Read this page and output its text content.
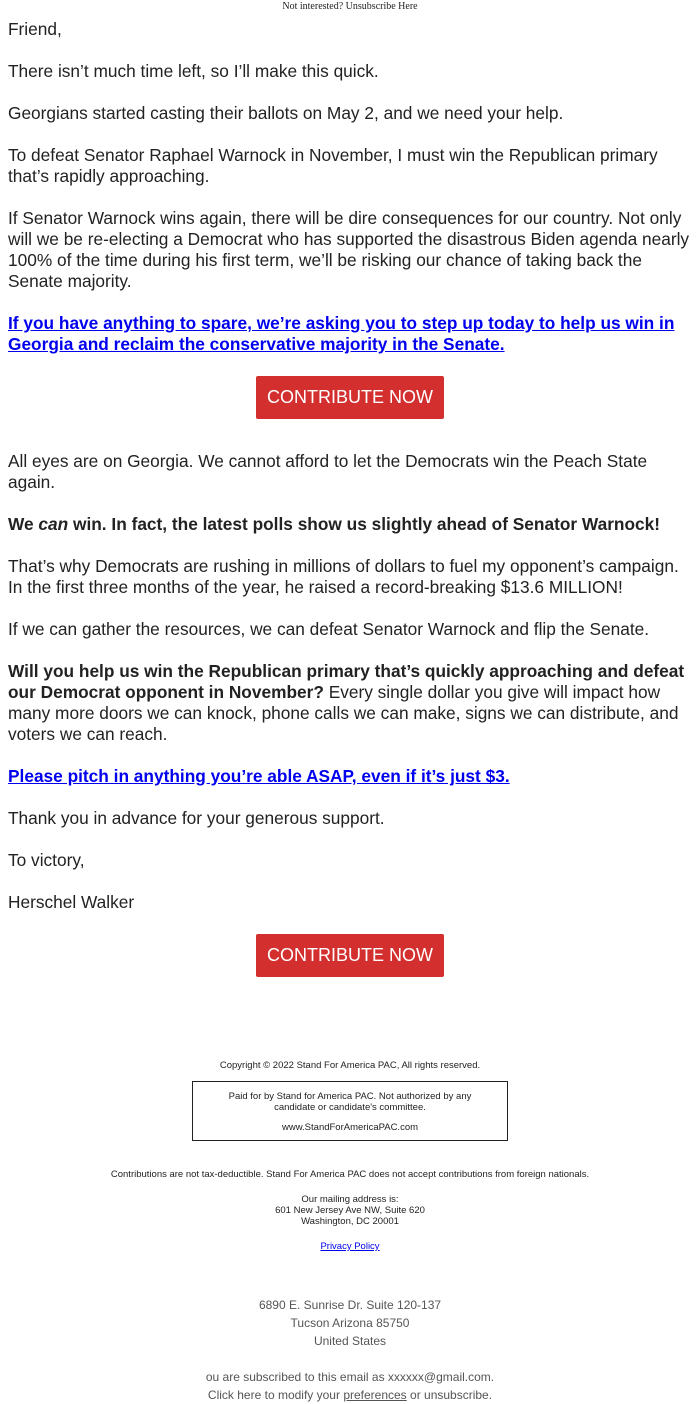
Not interested? Unsubscribe Here

Friend,

There isn’t much time left, so I’ll make this quick.

Georgians started casting their ballots on May 2, and we need your help.

To defeat Senator Raphael Warnock in November, I must win the Republican primary that’s rapidly approaching.

If Senator Warnock wins again, there will be dire consequences for our country. Not only will we be re-electing a Democrat who has supported the disastrous Biden agenda nearly 100% of the time during his first term, we’ll be risking our chance of taking back the Senate majority.

If you have anything to spare, we’re asking you to step up today to help us win in Georgia and reclaim the conservative majority in the Senate.

CONTRIBUTE NOW

All eyes are on Georgia. We cannot afford to let the Democrats win the Peach State again.

We can win. In fact, the latest polls show us slightly ahead of Senator Warnock!

That’s why Democrats are rushing in millions of dollars to fuel my opponent’s campaign. In the first three months of the year, he raised a record-breaking $13.6 MILLION!

If we can gather the resources, we can defeat Senator Warnock and flip the Senate.

Will you help us win the Republican primary that’s quickly approaching and defeat our Democrat opponent in November? Every single dollar you give will impact how many more doors we can knock, phone calls we can make, signs we can distribute, and voters we can reach.

Please pitch in anything you’re able ASAP, even if it’s just $3.

Thank you in advance for your generous support.

To victory,

Herschel Walker

CONTRIBUTE NOW
Copyright © 2022 Stand For America PAC, All rights reserved.
Paid for by Stand for America PAC. Not authorized by any candidate or candidate's committee.
www.StandForAmericaPAC.com
Contributions are not tax-deductible. Stand For America PAC does not accept contributions from foreign nationals.
Our mailing address is:
601 New Jersey Ave NW, Suite 620
Washington, DC 20001
Privacy Policy
6890 E. Sunrise Dr. Suite 120-137
Tucson Arizona 85750
United States
ou are subscribed to this email as xxxxxx@gmail.com.
Click here to modify your preferences or unsubscribe.
